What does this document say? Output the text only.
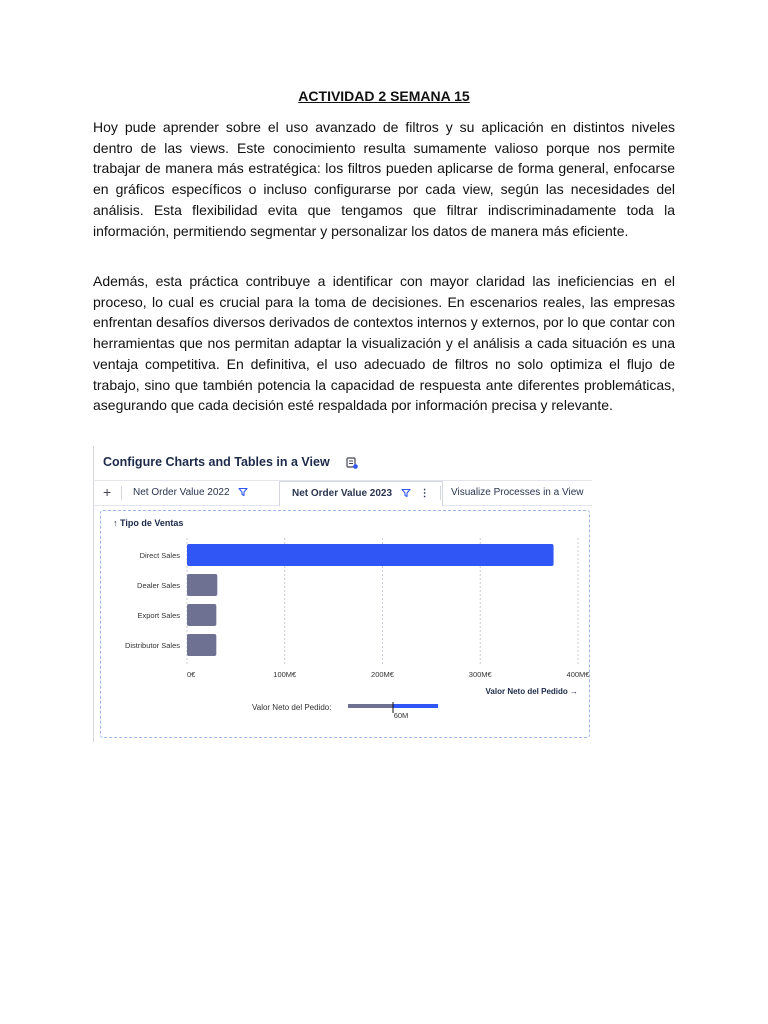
ACTIVIDAD 2 SEMANA 15

Hoy pude aprender sobre el uso avanzado de filtros y su aplicación en distintos niveles dentro de las views. Este conocimiento resulta sumamente valioso porque nos permite trabajar de manera más estratégica: los filtros pueden aplicarse de forma general, enfocarse en gráficos específicos o incluso configurarse por cada view, según las necesidades del análisis. Esta flexibilidad evita que tengamos que filtrar indiscriminadamente toda la información, permitiendo segmentar y personalizar los datos de manera más eficiente.

Además, esta práctica contribuye a identificar con mayor claridad las ineficiencias en el proceso, lo cual es crucial para la toma de decisiones. En escenarios reales, las empresas enfrentan desafíos diversos derivados de contextos internos y externos, por lo que contar con herramientas que nos permitan adaptar la visualización y el análisis a cada situación es una ventaja competitiva. En definitiva, el uso adecuado de filtros no solo optimiza el flujo de trabajo, sino que también potencia la capacidad de respuesta ante diferentes problemáticas, asegurando que cada decisión esté respaldada por información precisa y relevante.

Configure Charts and Tables in a View
+ Net Order Value 2022	Net Order Value 2023	⋮	Visualize Processes in a View
↑ Tipo de Ventas
0€	100M€	200M€	300M€	400M€
Direct Sales
Dealer Sales
Export Sales
Distributor Sales
Valor Neto del Pedido →
Valor Neto del Pedido:
60M
